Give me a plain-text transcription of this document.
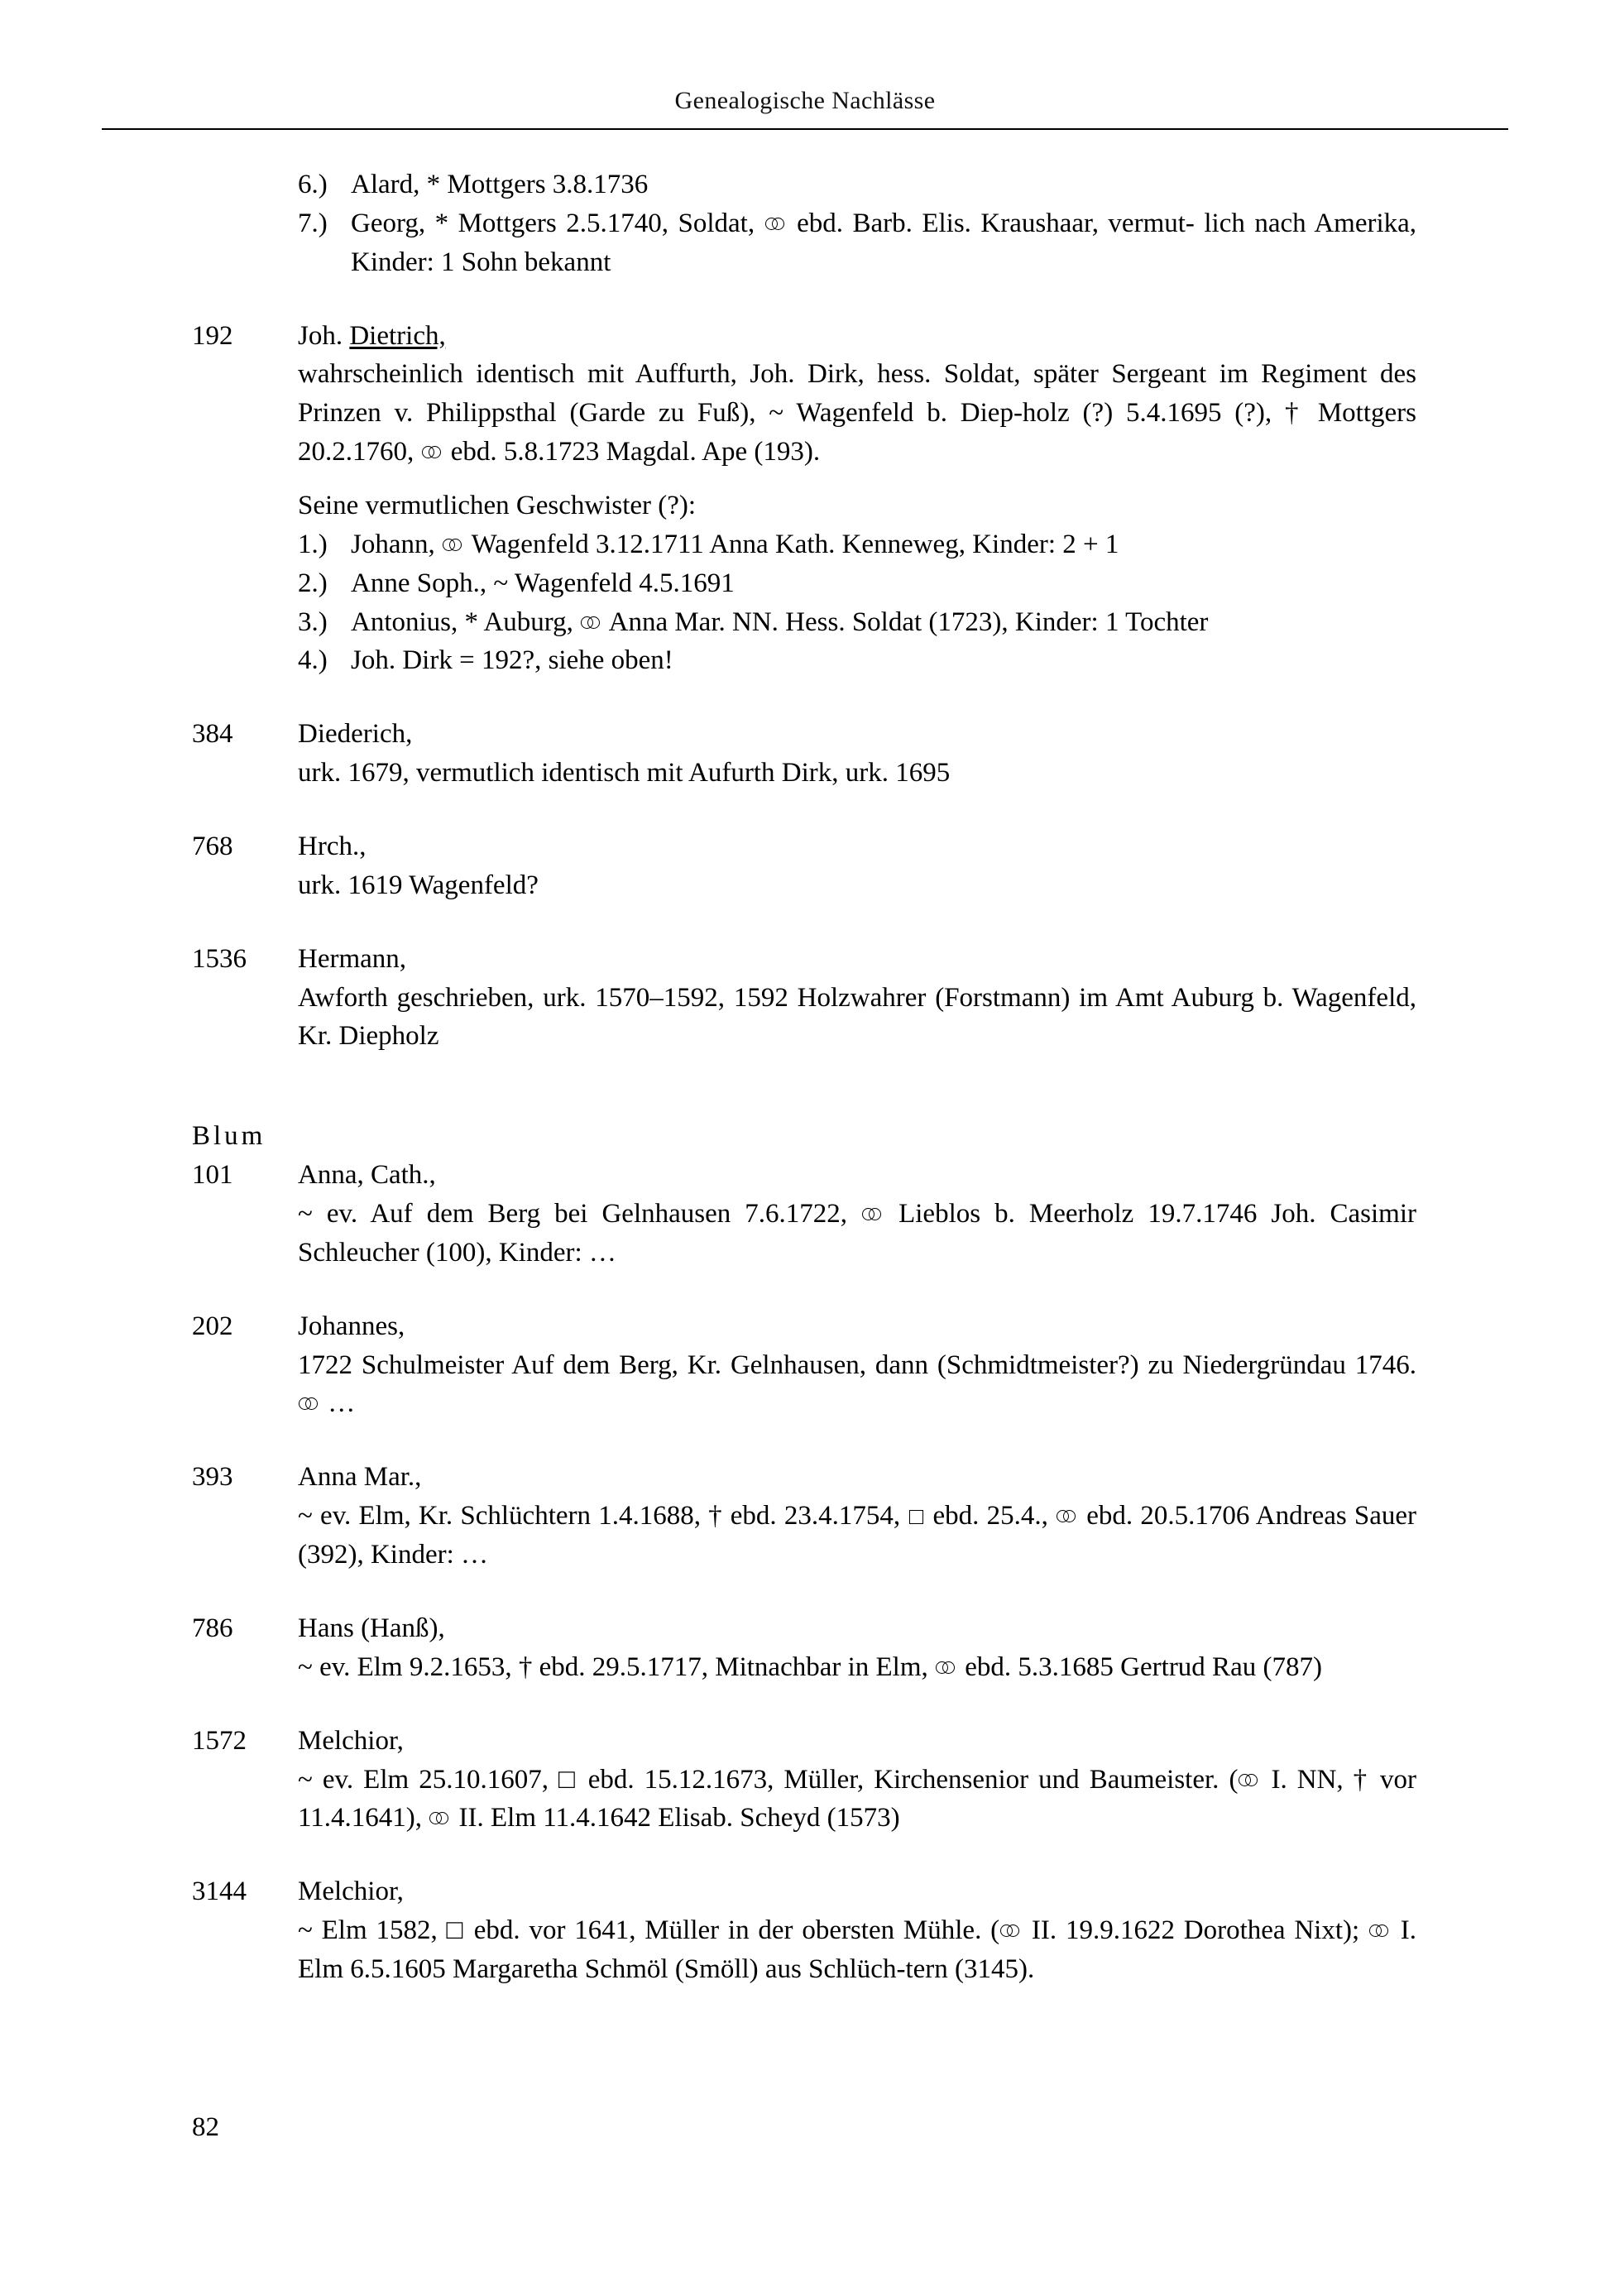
Genealogische Nachlässe
6.) Alard, * Mottgers 3.8.1736
7.) Georg, * Mottgers 2.5.1740, Soldat, ebd. Barb. Elis. Kraushaar, vermut- lich nach Amerika, Kinder: 1 Sohn bekannt
192	Joh. Dietrich,
wahrscheinlich identisch mit Auffurth, Joh. Dirk, hess. Soldat, später Sergeant im Regiment des Prinzen v. Philippsthal (Garde zu Fuß), ~ Wagenfeld b. Diep-holz (?) 5.4.1695 (?), † Mottgers 20.2.1760, ebd. 5.8.1723 Magdal. Ape (193).
Seine vermutlichen Geschwister (?):
1.) Johann, Wagenfeld 3.12.1711 Anna Kath. Kenneweg, Kinder: 2 + 1
2.) Anne Soph., ~ Wagenfeld 4.5.1691
3.) Antonius, * Auburg, Anna Mar. NN. Hess. Soldat (1723), Kinder: 1 Tochter
4.) Joh. Dirk = 192?, siehe oben!
384	Diederich,
urk. 1679, vermutlich identisch mit Aufurth Dirk, urk. 1695
768	Hrch.,
urk. 1619 Wagenfeld?
1536	Hermann,
Awforth geschrieben, urk. 1570–1592, 1592 Holzwahrer (Forstmann) im Amt Auburg b. Wagenfeld, Kr. Diepholz
Blum
101	Anna, Cath.,
~ ev. Auf dem Berg bei Gelnhausen 7.6.1722, Lieblos b. Meerholz 19.7.1746 Joh. Casimir Schleucher (100), Kinder: …
202	Johannes,
1722 Schulmeister Auf dem Berg, Kr. Gelnhausen, dann (Schmidtmeister?) zu Niedergründau 1746.  …
393	Anna Mar.,
~ ev. Elm, Kr. Schlüchtern 1.4.1688, † ebd. 23.4.1754, ebd. 25.4., ebd. 20.5.1706 Andreas Sauer (392), Kinder: …
786	Hans (Hanß),
~ ev. Elm 9.2.1653, † ebd. 29.5.1717, Mitnachbar in Elm, ebd. 5.3.1685 Gertrud Rau (787)
1572	Melchior,
~ ev. Elm 25.10.1607, □ ebd. 15.12.1673, Müller, Kirchensenior und Baumeister. ( I. NN, † vor 11.4.1641), II. Elm 11.4.1642 Elisab. Scheyd (1573)
3144	Melchior,
~ Elm 1582, □ ebd. vor 1641, Müller in der obersten Mühle. ( II. 19.9.1622 Dorothea Nixt); I. Elm 6.5.1605 Margaretha Schmöl (Smöll) aus Schlüch-tern (3145).
82
